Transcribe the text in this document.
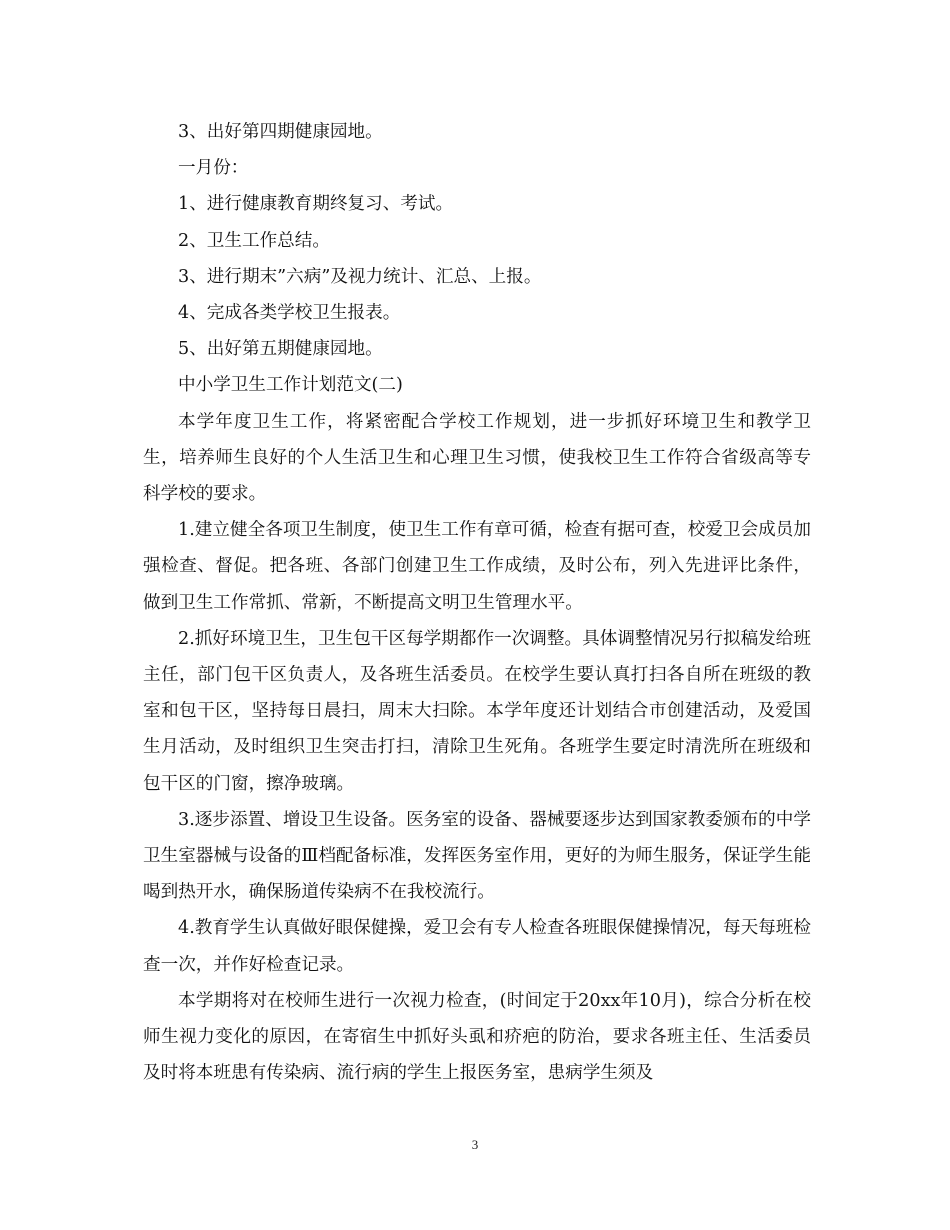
3、出好第四期健康园地。

一月份：

1、进行健康教育期终复习、考试。

2、卫生工作总结。

3、进行期末”六病”及视力统计、汇总、上报。

4、完成各类学校卫生报表。

5、出好第五期健康园地。

中小学卫生工作计划范文(二)

本学年度卫生工作，将紧密配合学校工作规划，进一步抓好环境卫生和教学卫生，培养师生良好的个人生活卫生和心理卫生习惯，使我校卫生工作符合省级高等专科学校的要求。

1.建立健全各项卫生制度，使卫生工作有章可循，检查有据可查，校爱卫会成员加强检查、督促。把各班、各部门创建卫生工作成绩，及时公布，列入先进评比条件，做到卫生工作常抓、常新，不断提高文明卫生管理水平。

2.抓好环境卫生，卫生包干区每学期都作一次调整。具体调整情况另行拟稿发给班主任，部门包干区负责人，及各班生活委员。在校学生要认真打扫各自所在班级的教室和包干区，坚持每日晨扫，周末大扫除。本学年度还计划结合市创建活动，及爱国生月活动，及时组织卫生突击打扫，清除卫生死角。各班学生要定时清洗所在班级和包干区的门窗，擦净玻璃。

3.逐步添置、增设卫生设备。医务室的设备、器械要逐步达到国家教委颁布的中学卫生室器械与设备的Ⅲ档配备标准，发挥医务室作用，更好的为师生服务，保证学生能喝到热开水，确保肠道传染病不在我校流行。

4.教育学生认真做好眼保健操，爱卫会有专人检查各班眼保健操情况，每天每班检查一次，并作好检查记录。

本学期将对在校师生进行一次视力检查，(时间定于20xx年10月)，综合分析在校师生视力变化的原因，在寄宿生中抓好头虱和疥疤的防治，要求各班主任、生活委员及时将本班患有传染病、流行病的学生上报医务室，患病学生须及

3
